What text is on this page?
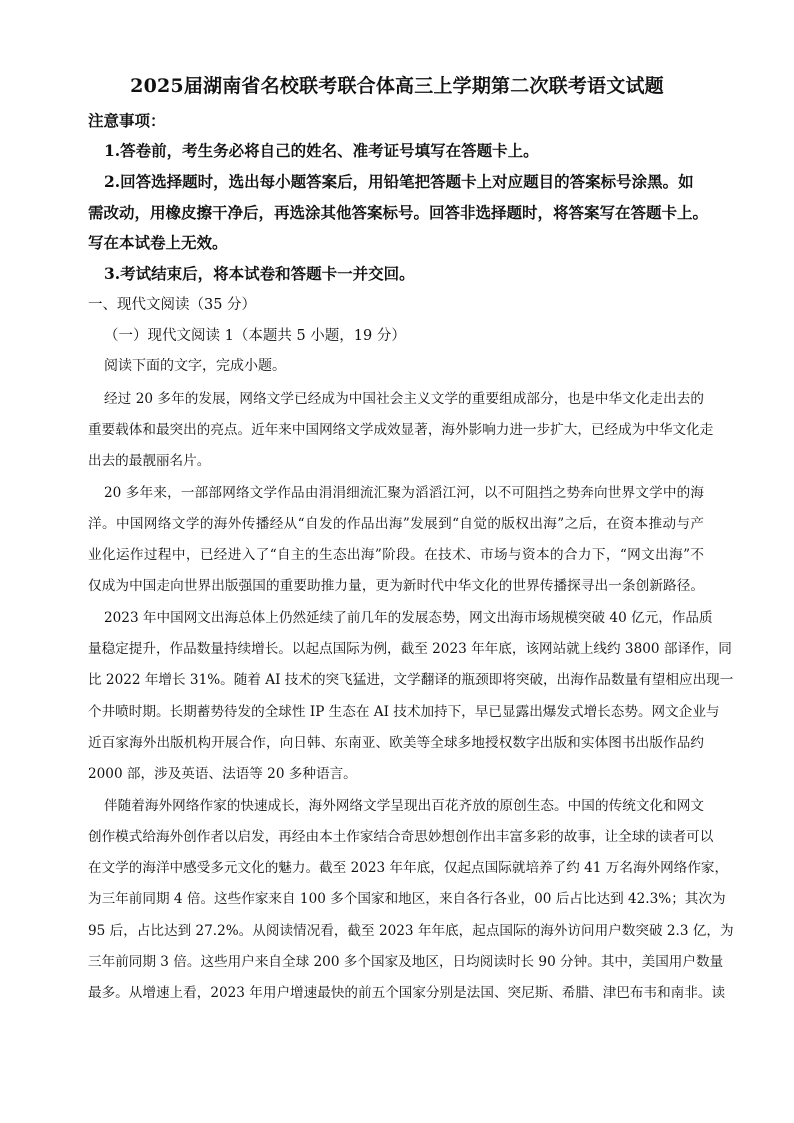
2025届湖南省名校联考联合体高三上学期第二次联考语文试题
注意事项：
1.答卷前，考生务必将自己的姓名、准考证号填写在答题卡上。
2.回答选择题时，选出每小题答案后，用铅笔把答题卡上对应题目的答案标号涂黑。如
需改动，用橡皮擦干净后，再选涂其他答案标号。回答非选择题时，将答案写在答题卡上。
写在本试卷上无效。
3.考试结束后，将本试卷和答题卡一并交回。
一、现代文阅读（35 分）
（一）现代文阅读 1（本题共 5 小题，19 分）
阅读下面的文字，完成小题。
经过 20 多年的发展，网络文学已经成为中国社会主义文学的重要组成部分，也是中华文化走出去的
重要载体和最突出的亮点。近年来中国网络文学成效显著，海外影响力进一步扩大，已经成为中华文化走
出去的最靓丽名片。
20 多年来，一部部网络文学作品由涓涓细流汇聚为滔滔江河，以不可阻挡之势奔向世界文学中的海
洋。中国网络文学的海外传播经从“自发的作品出海”发展到“自觉的版权出海”之后，在资本推动与产
业化运作过程中，已经进入了“自主的生态出海”阶段。在技术、市场与资本的合力下，“网文出海”不
仅成为中国走向世界出版强国的重要助推力量，更为新时代中华文化的世界传播探寻出一条创新路径。
2023 年中国网文出海总体上仍然延续了前几年的发展态势，网文出海市场规模突破 40 亿元，作品质
量稳定提升，作品数量持续增长。以起点国际为例，截至 2023 年年底，该网站就上线约 3800 部译作，同
比 2022 年增长 31%。随着 AI 技术的突飞猛进，文学翻译的瓶颈即将突破，出海作品数量有望相应出现一
个井喷时期。长期蓄势待发的全球性 IP 生态在 AI 技术加持下，早已显露出爆发式增长态势。网文企业与
近百家海外出版机构开展合作，向日韩、东南亚、欧美等全球多地授权数字出版和实体图书出版作品约
2000 部，涉及英语、法语等 20 多种语言。
伴随着海外网络作家的快速成长，海外网络文学呈现出百花齐放的原创生态。中国的传统文化和网文
创作模式给海外创作者以启发，再经由本土作家结合奇思妙想创作出丰富多彩的故事，让全球的读者可以
在文学的海洋中感受多元文化的魅力。截至 2023 年年底，仅起点国际就培养了约 41 万名海外网络作家，
为三年前同期 4 倍。这些作家来自 100 多个国家和地区，来自各行各业，00 后占比达到 42.3%；其次为
95 后，占比达到 27.2%。从阅读情况看，截至 2023 年年底，起点国际的海外访问用户数突破 2.3 亿，为
三年前同期 3 倍。这些用户来自全球 200 多个国家及地区，日均阅读时长 90 分钟。其中，美国用户数量
最多。从增速上看，2023 年用户增速最快的前五个国家分别是法国、突尼斯、希腊、津巴布韦和南非。读
